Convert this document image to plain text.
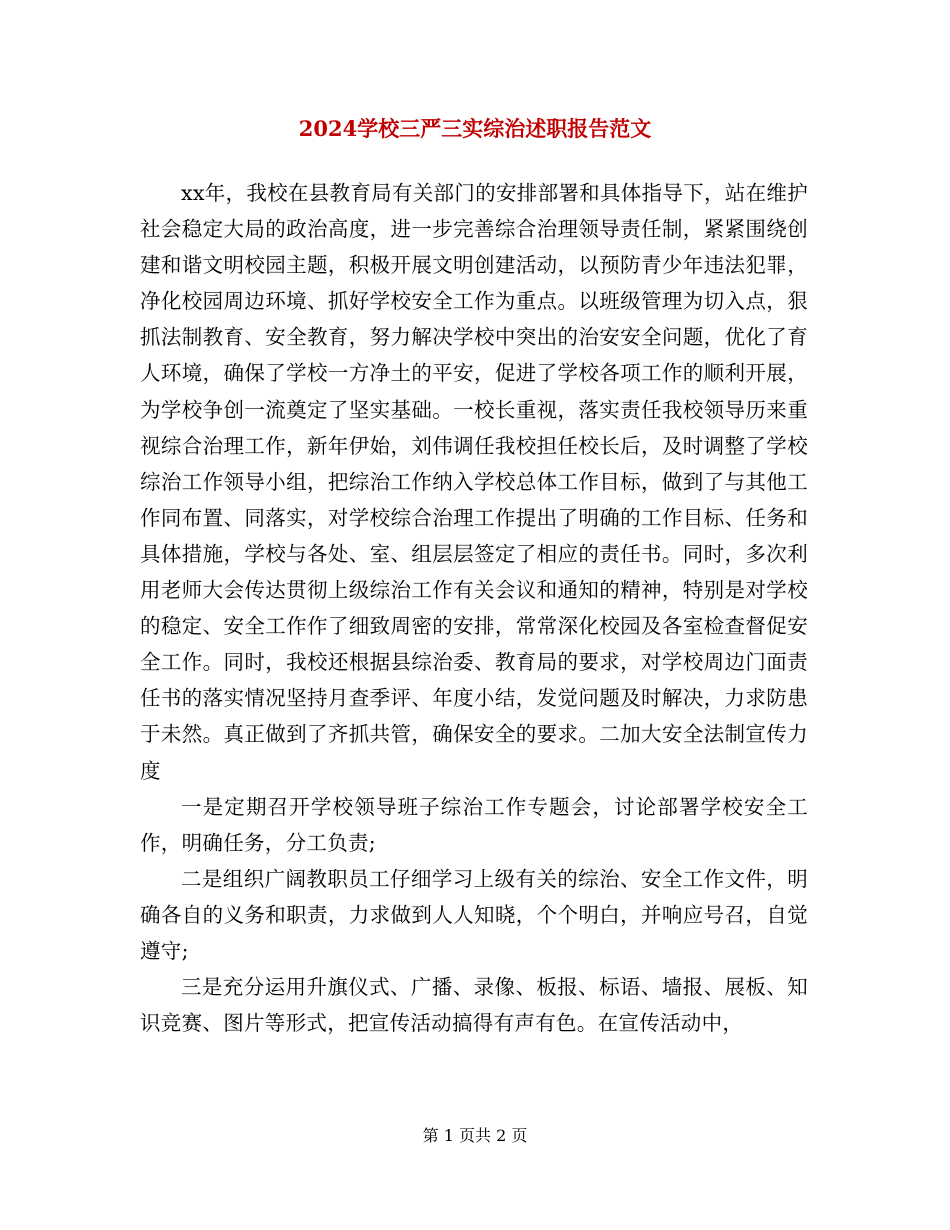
2024学校三严三实综治述职报告范文

xx年，我校在县教育局有关部门的安排部署和具体指导下，站在维护社会稳定大局的政治高度，进一步完善综合治理领导责任制，紧紧围绕创建和谐文明校园主题，积极开展文明创建活动，以预防青少年违法犯罪，净化校园周边环境、抓好学校安全工作为重点。以班级管理为切入点，狠抓法制教育、安全教育，努力解决学校中突出的治安安全问题，优化了育人环境，确保了学校一方净土的平安，促进了学校各项工作的顺利开展，为学校争创一流奠定了坚实基础。一校长重视，落实责任我校领导历来重视综合治理工作，新年伊始，刘伟调任我校担任校长后，及时调整了学校综治工作领导小组，把综治工作纳入学校总体工作目标，做到了与其他工作同布置、同落实，对学校综合治理工作提出了明确的工作目标、任务和具体措施，学校与各处、室、组层层签定了相应的责任书。同时，多次利用老师大会传达贯彻上级综治工作有关会议和通知的精神，特别是对学校的稳定、安全工作作了细致周密的安排，常常深化校园及各室检查督促安全工作。同时，我校还根据县综治委、教育局的要求，对学校周边门面责任书的落实情况坚持月查季评、年度小结，发觉问题及时解决，力求防患于未然。真正做到了齐抓共管，确保安全的要求。二加大安全法制宣传力度

一是定期召开学校领导班子综治工作专题会，讨论部署学校安全工作，明确任务，分工负责;

二是组织广阔教职员工仔细学习上级有关的综治、安全工作文件，明确各自的义务和职责，力求做到人人知晓，个个明白，并响应号召，自觉遵守;

三是充分运用升旗仪式、广播、录像、板报、标语、墙报、展板、知识竞赛、图片等形式，把宣传活动搞得有声有色。在宣传活动中，

第 1 页共 2 页
